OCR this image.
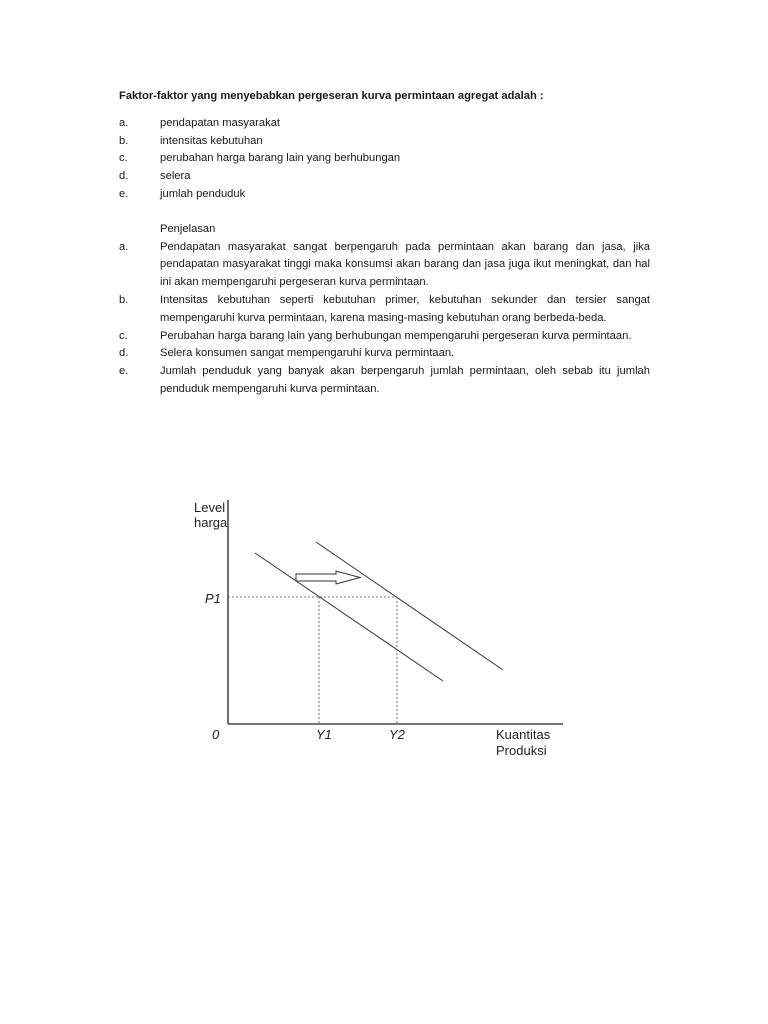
Faktor-faktor yang menyebabkan pergeseran kurva permintaan agregat adalah :

a.	pendapatan masyarakat
b.	intensitas kebutuhan
c.	perubahan harga barang lain yang berhubungan
d.	selera
e.	jumlah penduduk

Penjelasan

a.	Pendapatan masyarakat sangat berpengaruh pada permintaan akan barang dan jasa, jika pendapatan masyarakat tinggi maka konsumsi akan barang dan jasa juga ikut meningkat, dan hal ini akan mempengaruhi pergeseran kurva permintaan.
b.	Intensitas kebutuhan seperti kebutuhan primer, kebutuhan sekunder dan tersier sangat mempengaruhi kurva permintaan, karena masing-masing kebutuhan orang berbeda-beda.
c.	Perubahan harga barang lain yang berhubungan mempengaruhi pergeseran kurva permintaan.
d.	Selera konsumen sangat mempengaruhi kurva permintaan.
e.	Jumlah penduduk yang banyak akan berpengaruh jumlah permintaan, oleh sebab itu jumlah penduduk mempengaruhi kurva permintaan.
Level
harga
P1
0	Y1	Y2	Kuantitas
Produksi
